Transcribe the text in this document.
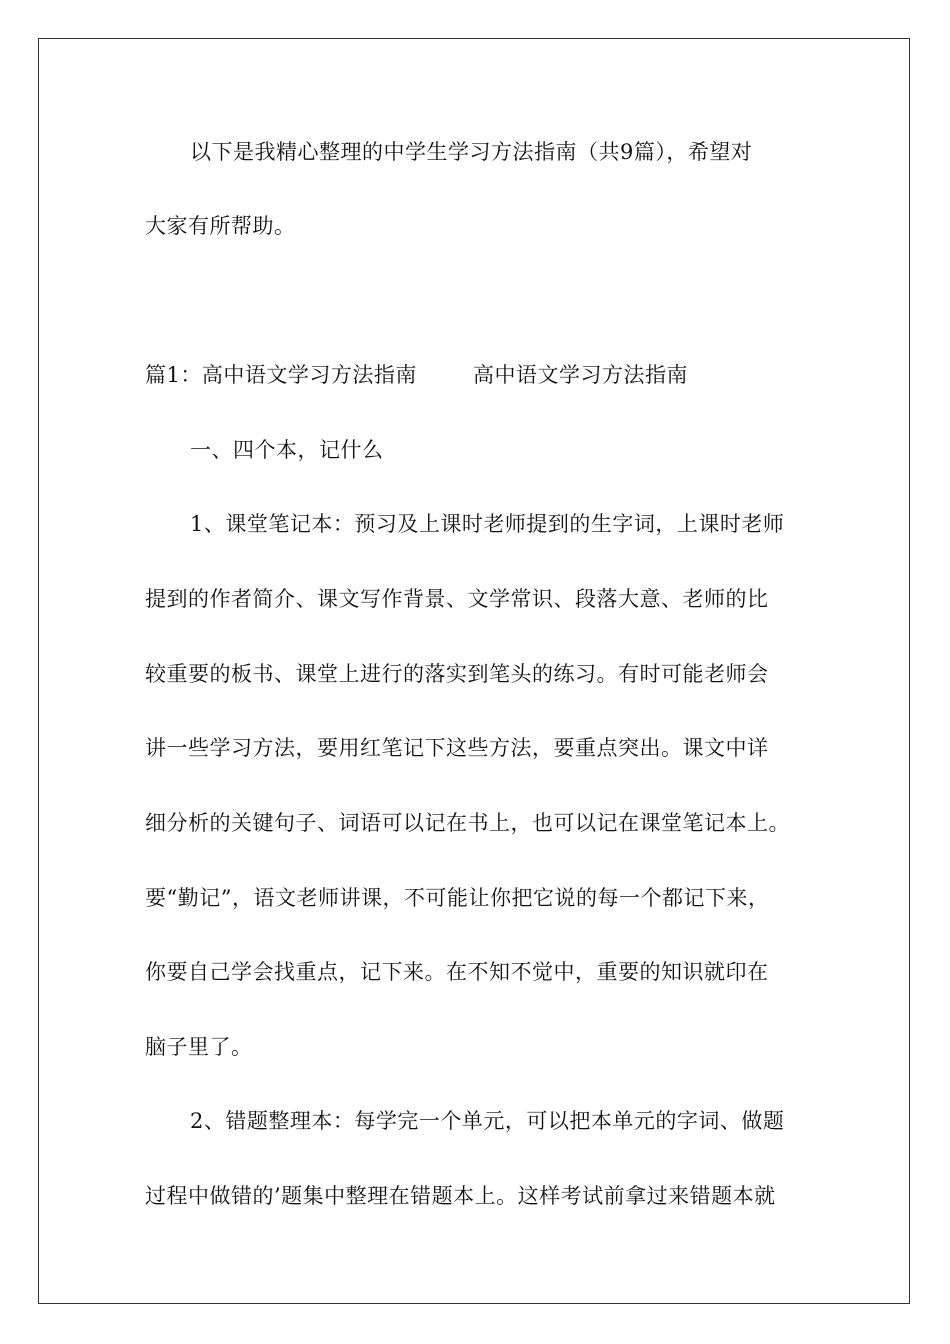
以下是我精心整理的中学生学习方法指南（共9篇），希望对
大家有所帮助。
篇1：高中语文学习方法指南	高中语文学习方法指南
一、四个本，记什么
1、课堂笔记本：预习及上课时老师提到的生字词，上课时老师
提到的作者简介、课文写作背景、文学常识、段落大意、老师的比
较重要的板书、课堂上进行的落实到笔头的练习。有时可能老师会
讲一些学习方法，要用红笔记下这些方法，要重点突出。课文中详
细分析的关键句子、词语可以记在书上，也可以记在课堂笔记本上。
要“勤记”，语文老师讲课，不可能让你把它说的每一个都记下来，
你要自己学会找重点，记下来。在不知不觉中，重要的知识就印在
脑子里了。
2、错题整理本：每学完一个单元，可以把本单元的字词、做题
过程中做错的’题集中整理在错题本上。这样考试前拿过来错题本就
